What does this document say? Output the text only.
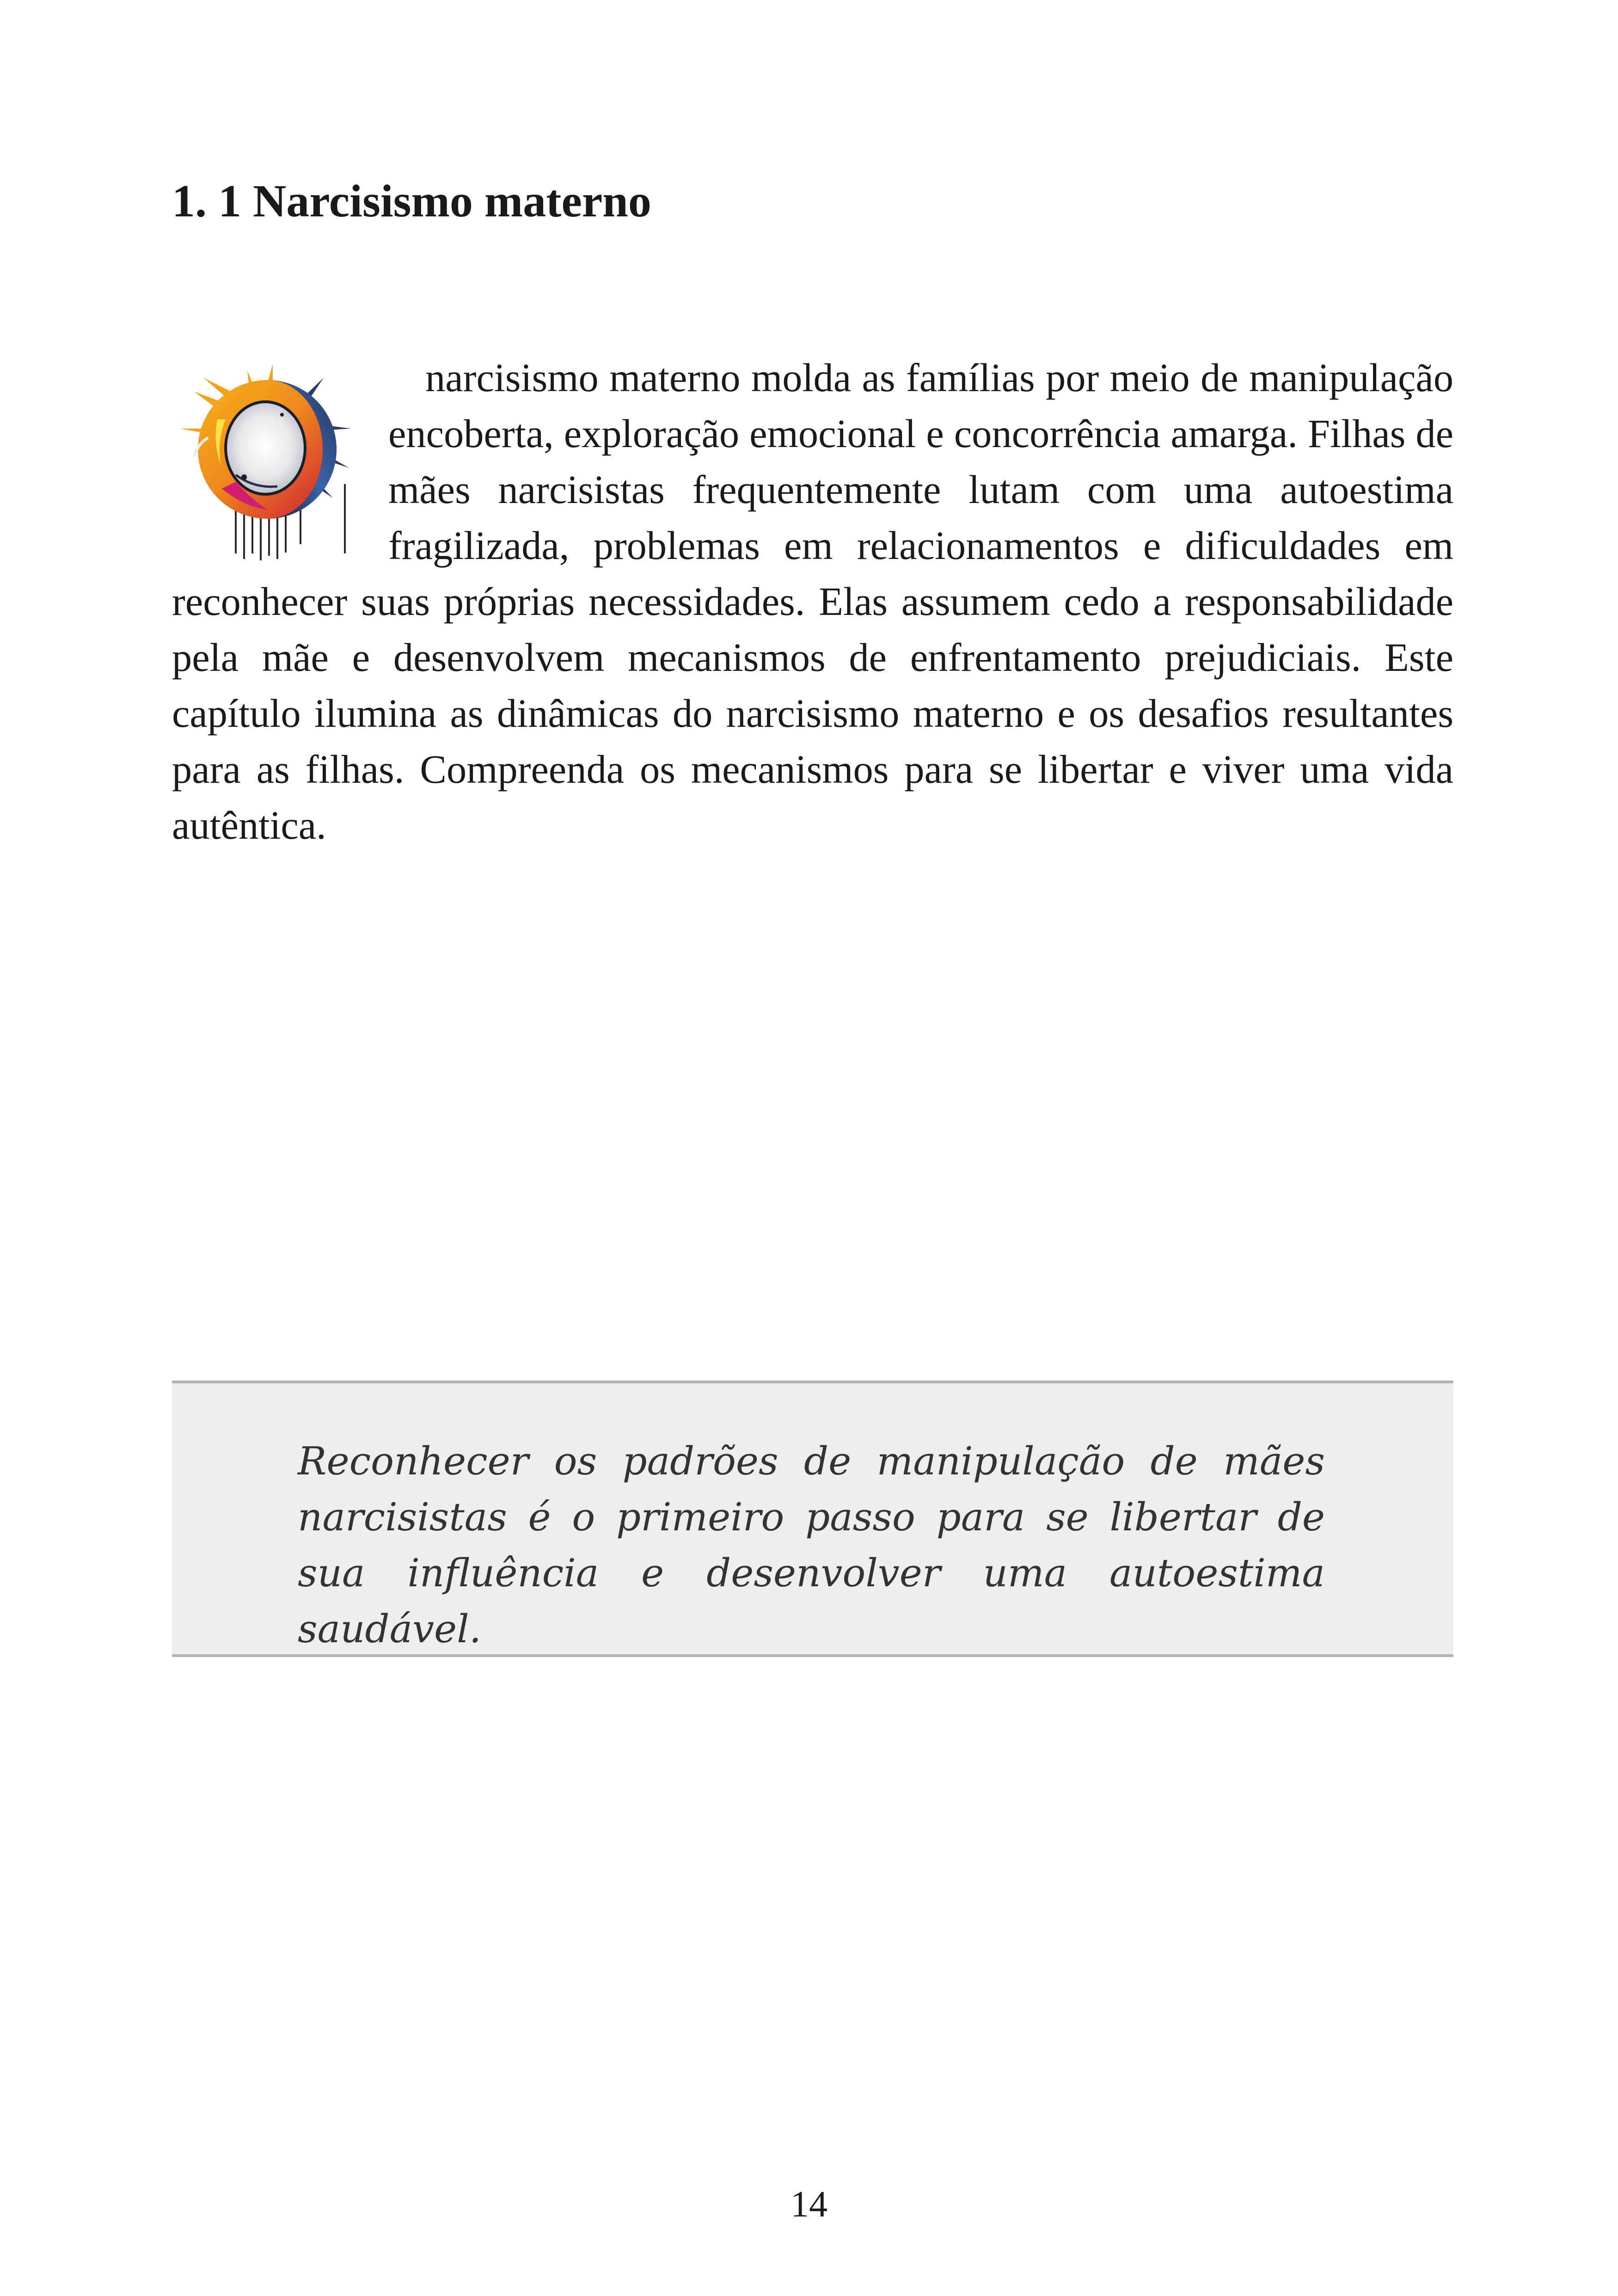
1. 1 Narcisismo materno

narcisismo materno molda as famílias por meio de manipulação encoberta, exploração emocional e concorrência amarga. Filhas de mães narcisistas frequentemente lutam com uma autoestima fragilizada, problemas em relacionamentos e dificuldades em reconhecer suas próprias necessidades. Elas assumem cedo a responsabilidade pela mãe e desenvolvem mecanismos de enfrentamento prejudiciais. Este capítulo ilumina as dinâmicas do narcisismo materno e os desafios resultantes para as filhas. Compreenda os mecanismos para se libertar e viver uma vida autêntica.

Reconhecer os padrões de manipulação de mães narcisistas é o primeiro passo para se libertar de sua influência e desenvolver uma autoestima saudável.

14
